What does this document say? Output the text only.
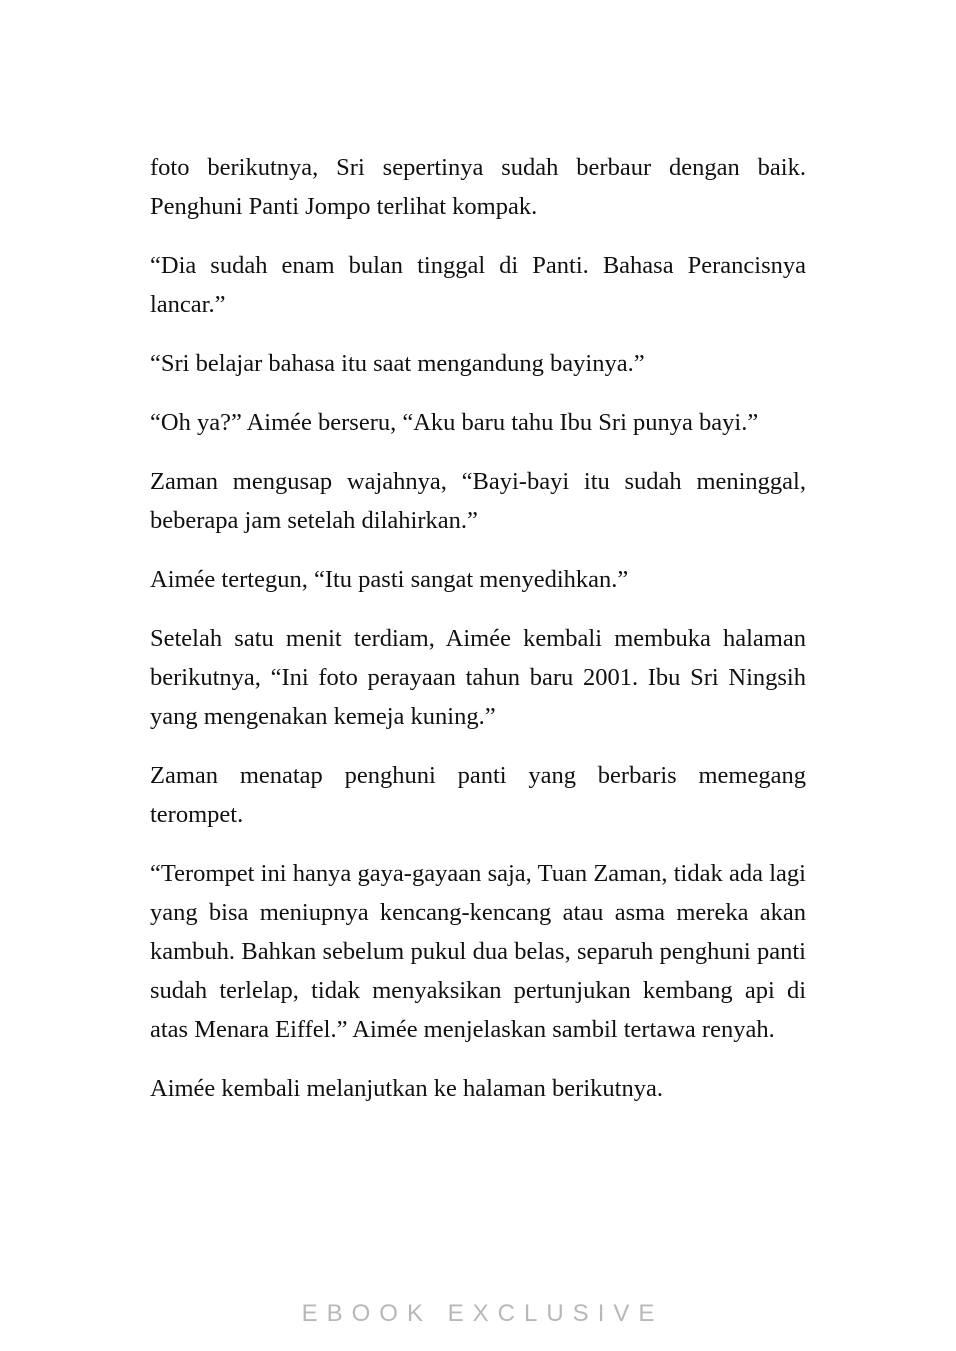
foto berikutnya, Sri sepertinya sudah berbaur dengan baik. Penghuni Panti Jompo terlihat kompak.

“Dia sudah enam bulan tinggal di Panti. Bahasa Perancisnya lancar.”

“Sri belajar bahasa itu saat mengandung bayinya.”

“Oh ya?” Aimée berseru, “Aku baru tahu Ibu Sri punya bayi.”

Zaman mengusap wajahnya, “Bayi-bayi itu sudah meninggal, beberapa jam setelah dilahirkan.”

Aimée tertegun, “Itu pasti sangat menyedihkan.”

Setelah satu menit terdiam, Aimée kembali membuka halaman berikutnya, “Ini foto perayaan tahun baru 2001. Ibu Sri Ningsih yang mengenakan kemeja kuning.”

Zaman menatap penghuni panti yang berbaris memegang terompet.

“Terompet ini hanya gaya-gayaan saja, Tuan Zaman, tidak ada lagi yang bisa meniupnya kencang-kencang atau asma mereka akan kambuh. Bahkan sebelum pukul dua belas, separuh penghuni panti sudah terlelap, tidak menyaksikan pertunjukan kembang api di atas Menara Eiffel.” Aimée menjelaskan sambil tertawa renyah.

Aimée kembali melanjutkan ke halaman berikutnya.

EBOOK EXCLUSIVE
